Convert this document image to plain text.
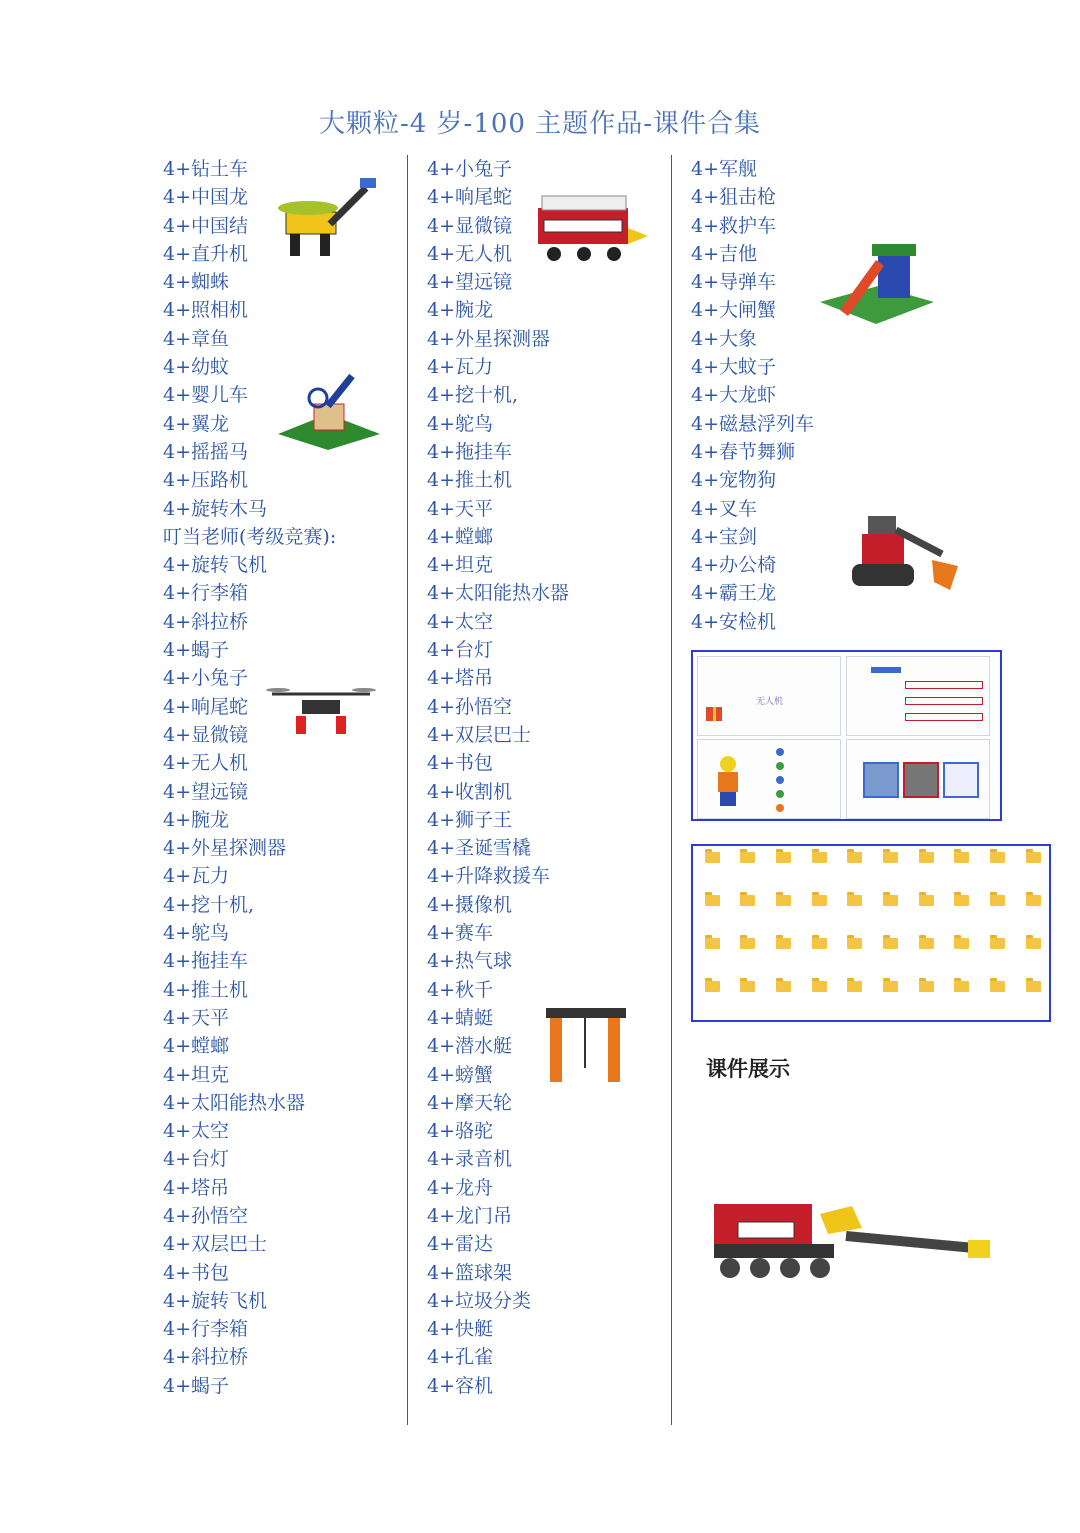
大颗粒-4 岁-100 主题作品-课件合集
4+钻土车
4+中国龙
4+中国结
4+直升机
4+蜘蛛
4+照相机
4+章鱼
4+幼蚊
4+婴儿车
4+翼龙
4+摇摇马
4+压路机
4+旋转木马
叮当老师(考级竞赛):
4+旋转飞机
4+行李箱
4+斜拉桥
4+蝎子
4+小兔子
4+响尾蛇
4+显微镜
4+无人机
4+望远镜
4+腕龙
4+外星探测器
4+瓦力
4+挖十机,
4+鸵鸟
4+拖挂车
4+推土机
4+天平
4+螳螂
4+坦克
4+太阳能热水器
4+太空
4+台灯
4+塔吊
4+孙悟空
4+双层巴士
4+书包
4+旋转飞机
4+行李箱
4+斜拉桥
4+蝎子
4+小兔子
4+响尾蛇
4+显微镜
4+无人机
4+望远镜
4+腕龙
4+外星探测器
4+瓦力
4+挖十机,
4+鸵鸟
4+拖挂车
4+推土机
4+天平
4+螳螂
4+坦克
4+太阳能热水器
4+太空
4+台灯
4+塔吊
4+孙悟空
4+双层巴士
4+书包
4+收割机
4+狮子王
4+圣诞雪橇
4+升降救援车
4+摄像机
4+赛车
4+热气球
4+秋千
4+蜻蜓
4+潜水艇
4+螃蟹
4+摩天轮
4+骆驼
4+录音机
4+龙舟
4+龙门吊
4+雷达
4+篮球架
4+垃圾分类
4+快艇
4+孔雀
4+容机
4+军舰
4+狙击枪
4+救护车
4+吉他
4+导弹车
4+大闸蟹
4+大象
4+大蚊子
4+大龙虾
4+磁悬浮列车
4+春节舞狮
4+宠物狗
4+叉车
4+宝剑
4+办公椅
4+霸王龙
4+安检机
无人机
课件展示
